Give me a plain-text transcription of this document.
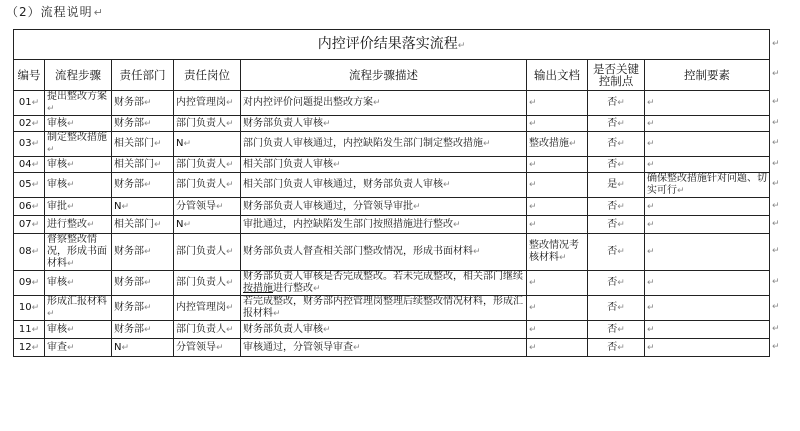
（2）流程说明↵
内控评价结果落实流程↵							
编号	流程步骤	责任部门	责任岗位	流程步骤描述	输出文档	是否关键控制点	控制要素
01↵	提出整改方案↵	财务部↵	内控管理岗↵	对内控评价问题提出整改方案↵	↵	否↵	↵
02↵	审核↵	财务部↵	部门负责人↵	财务部负责人审核↵	↵	否↵	↵
03↵	制定整改措施↵	相关部门↵	N↵	部门负责人审核通过，内控缺陷发生部门制定整改措施↵	整改措施↵	否↵	↵
04↵	审核↵	相关部门↵	部门负责人↵	相关部门负责人审核↵	↵	否↵	↵
05↵	审核↵	财务部↵	部门负责人↵	相关部门负责人审核通过，财务部负责人审核↵	↵	是↵	确保整改措施针对问题、切实可行↵
06↵	审批↵	N↵	分管领导↵	财务部负责人审核通过，分管领导审批↵	↵	否↵	↵
07↵	进行整改↵	相关部门↵	N↵	审批通过，内控缺陷发生部门按照措施进行整改↵	↵	否↵	↵
08↵	督察整改情况，形成书面材料↵	财务部↵	部门负责人↵	财务部负责人督查相关部门整改情况，形成书面材料↵	整改情况考核材料↵	否↵	↵
09↵	审核↵	财务部↵	部门负责人↵	财务部负责人审核是否完成整改。若未完成整改，相关部门继续按措施进行整改↵	↵	否↵	↵
10↵	形成汇报材料↵	财务部↵	内控管理岗↵	若完成整改，财务部内控管理岗整理后续整改情况材料，形成汇报材料↵	↵	否↵	↵
11↵	审核↵	财务部↵	部门负责人↵	财务部负责人审核↵	↵	否↵	↵
12↵	审查↵	N↵	分管领导↵	审核通过，分管领导审查↵	↵	否↵	↵
↵
↵
↵
↵
↵
↵
↵
↵
↵
↵
↵
↵
↵
↵
